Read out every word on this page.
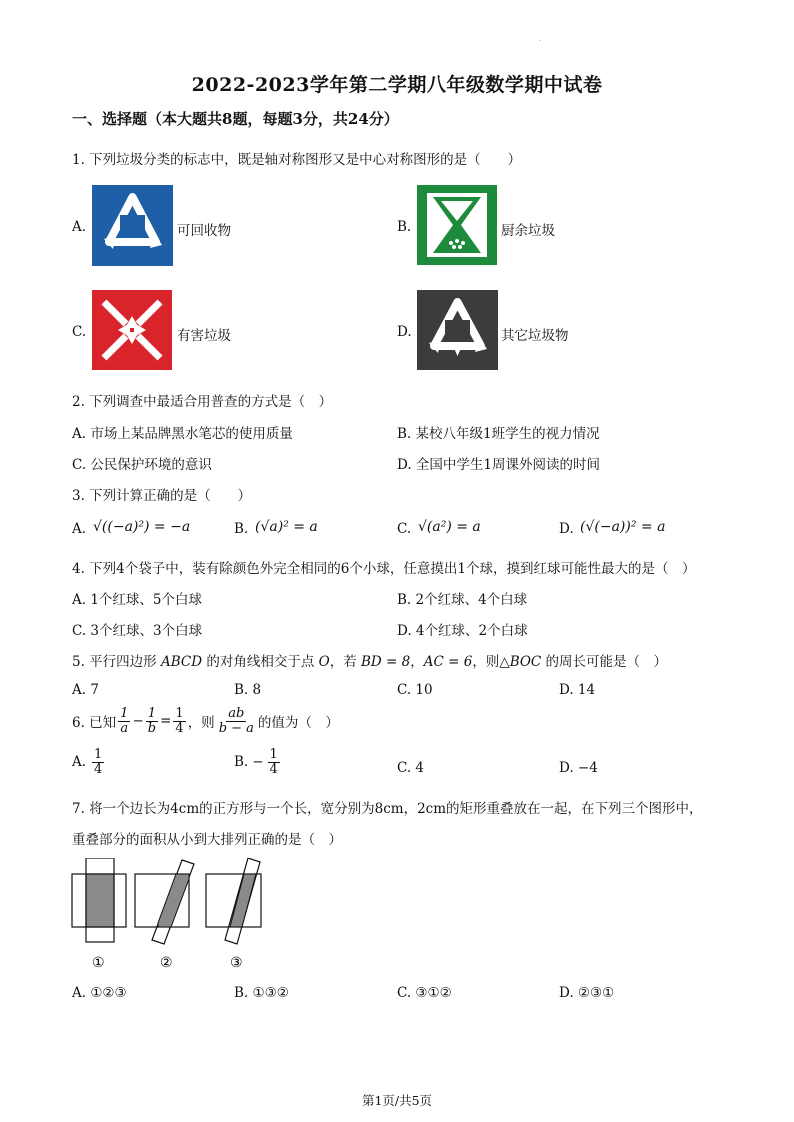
.
2022-2023学年第二学期八年级数学期中试卷
一、选择题（本大题共8题，每题3分，共24分）
1. 下列垃圾分类的标志中，既是轴对称图形又是中心对称图形的是（　　）
A.	可回收物	B.	厨余垃圾
C.	有害垃圾	D.	其它垃圾物
2. 下列调查中最适合用普查的方式是（　）
A. 市场上某品牌黑水笔芯的使用质量	B. 某校八年级1班学生的视力情况
C. 公民保护环境的意识	D. 全国中学生1周课外阅读的时间
3. 下列计算正确的是（　　）
A. √((−a)²) = −a	B. (√a)² = a	C. √(a²) = a	D. (√(−a))² = a
4. 下列4个袋子中，装有除颜色外完全相同的6个小球，任意摸出1个球，摸到红球可能性最大的是（　）
A. 1个红球、5个白球	B. 2个红球、4个白球
C. 3个红球、3个白球	D. 4个红球、2个白球
5. 平行四边形 ABCD 的对角线相交于点 O，若 BD = 8，AC = 6，则△BOC 的周长可能是（　）
A. 7	B. 8	C. 10	D. 14
6. 已知 $\frac{1}{a} - \frac{1}{b} = \frac{1}{4}$ ，则 $\frac{ab}{b - a}$ 的值为（　）
A. $\frac{1}{4}$	B. − $\frac{1}{4}$	C. 4	D. −4
7. 将一个边长为4cm的正方形与一个长，宽分别为8cm，2cm的矩形重叠放在一起，在下列三个图形中，
重叠部分的面积从小到大排列正确的是（　）
①	②	③
A. ①②③	B. ①③②	C. ③①②	D. ②③①
第1页/共5页
